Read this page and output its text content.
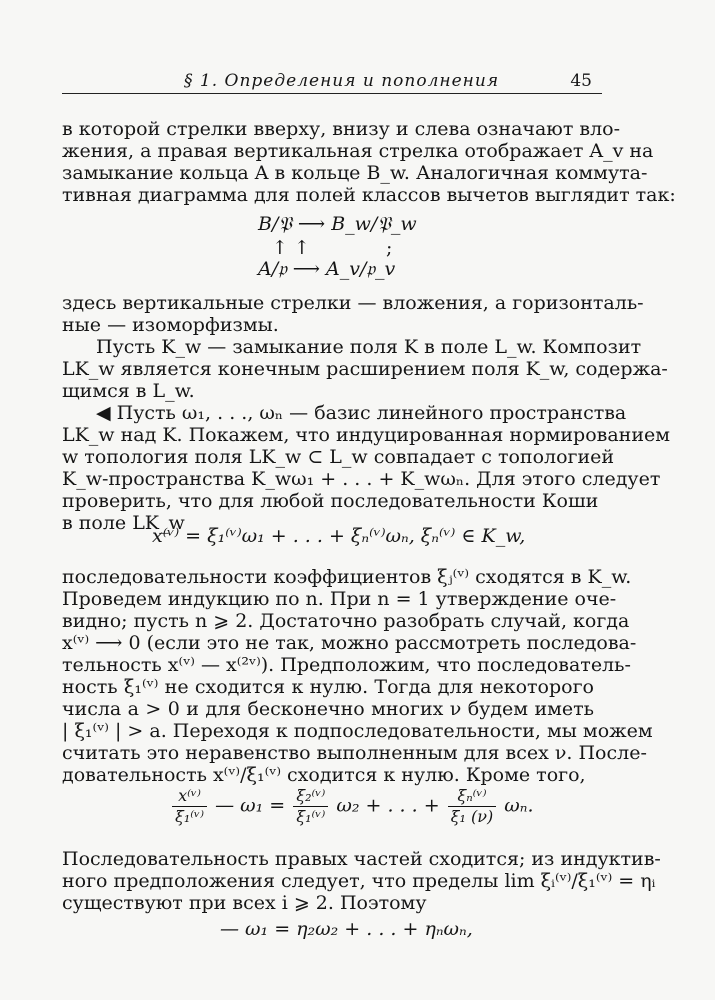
§ 1. Определения и пополнения	45
в которой стрелки вверху, внизу и слева означают вло-
жения, а правая вертикальная стрелка отображает A_v на
замыкание кольца A в кольце B_w. Аналогичная коммута-
тивная диаграмма для полей классов вычетов выглядит так:
B/𝔓 ⟶ B_w/𝔓_w
↑ ↑	;
A/𝔭 ⟶ A_v/𝔭_v
здесь вертикальные стрелки — вложения, а горизонталь-
ные — изоморфизмы.
Пусть K_w — замыкание поля K в поле L_w. Композит
LK_w является конечным расширением поля K_w, содержа-
щимся в L_w.
◀ Пусть ω₁, . . ., ωₙ — базис линейного пространства
LK_w над K. Покажем, что индуцированная нормированием
w топология поля LK_w ⊂ L_w совпадает с топологией
K_w-пространства K_wω₁ + . . . + K_wωₙ. Для этого следует
проверить, что для любой последовательности Коши
в поле LK_w
x⁽ᵛ⁾ = ξ₁⁽ᵛ⁾ω₁ + . . . + ξₙ⁽ᵛ⁾ωₙ, ξₙ⁽ᵛ⁾ ∈ K_w,
последовательности коэффициентов ξⱼ⁽ᵛ⁾ сходятся в K_w.
Проведем индукцию по n. При n = 1 утверждение оче-
видно; пусть n ⩾ 2. Достаточно разобрать случай, когда
x⁽ᵛ⁾ ⟶ 0 (если это не так, можно рассмотреть последова-
тельность x⁽ᵛ⁾ — x⁽²ᵛ⁾). Предположим, что последователь-
ность ξ₁⁽ᵛ⁾ не сходится к нулю. Тогда для некоторого
числа a > 0 и для бесконечно многих ν будем иметь
| ξ₁⁽ᵛ⁾ | > a. Переходя к подпоследовательности, мы можем
считать это неравенство выполненным для всех ν. После-
довательность x⁽ᵛ⁾/ξ₁⁽ᵛ⁾ сходится к нулю. Кроме того,
$\frac{\text{x⁽ᵛ⁾}}{\text{ξ₁⁽ᵛ⁾}}$ — $\omega_1 = \frac{\text{ξ₂⁽ᵛ⁾}}{\text{ξ₁⁽ᵛ⁾}} \omega_2$ + . . . + $\frac{\text{ξₙ⁽ᵛ⁾}}{\text{ξ₁ (ν)}} \omega_n$.
Последовательность правых частей сходится; из индуктив-
ного предположения следует, что пределы lim ξᵢ⁽ᵛ⁾/ξ₁⁽ᵛ⁾ = ηᵢ
существуют при всех i ⩾ 2. Поэтому
— ω₁ = η₂ω₂ + . . . + ηₙωₙ,
